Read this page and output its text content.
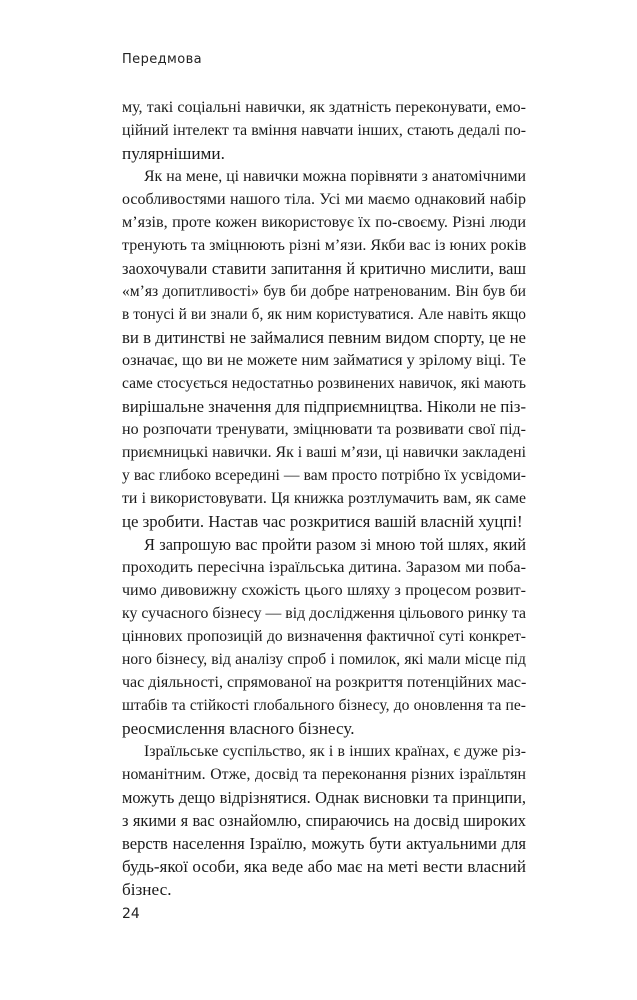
Передмова
му, такі соціальні навички, як здатність переконувати, емо-
ційний інтелект та вміння навчати інших, стають дедалі по-
пулярнішими.
Як на мене, ці навички можна порівняти з анатомічними
особливостями нашого тіла. Усі ми маємо однаковий набір
м’язів, проте кожен використовує їх по-своєму. Різні люди
тренують та зміцнюють різні м’язи. Якби вас із юних років
заохочували ставити запитання й критично мислити, ваш
«м’яз допитливості» був би добре натренованим. Він був би
в тонусі й ви знали б, як ним користуватися. Але навіть якщо
ви в дитинстві не займалися певним видом спорту, це не
означає, що ви не можете ним займатися у зрілому віці. Те
саме стосується недостатньо розвинених навичок, які мають
вирішальне значення для підприємництва. Ніколи не піз-
но розпочати тренувати, зміцнювати та розвивати свої під-
приємницькі навички. Як і ваші м’язи, ці навички закладені
у вас глибоко всередині — вам просто потрібно їх усвідоми-
ти і використовувати. Ця книжка розтлумачить вам, як саме
це зробити. Настав час розкритися вашій власній хуцпі!
Я запрошую вас пройти разом зі мною той шлях, який
проходить пересічна ізраїльська дитина. Заразом ми поба-
чимо дивовижну схожість цього шляху з процесом розвит-
ку сучасного бізнесу — від дослідження цільового ринку та
ціннових пропозицій до визначення фактичної суті конкрет-
ного бізнесу, від аналізу спроб і помилок, які мали місце під
час діяльності, спрямованої на розкриття потенційних мас-
штабів та стійкості глобального бізнесу, до оновлення та пе-
реосмислення власного бізнесу.
Ізраїльське суспільство, як і в інших країнах, є дуже різ-
номанітним. Отже, досвід та переконання різних ізраїльтян
можуть дещо відрізнятися. Однак висновки та принципи,
з якими я вас ознайомлю, спираючись на досвід широких
верств населення Ізраїлю, можуть бути актуальними для
будь-якої особи, яка веде або має на меті вести власний
бізнес.
24
